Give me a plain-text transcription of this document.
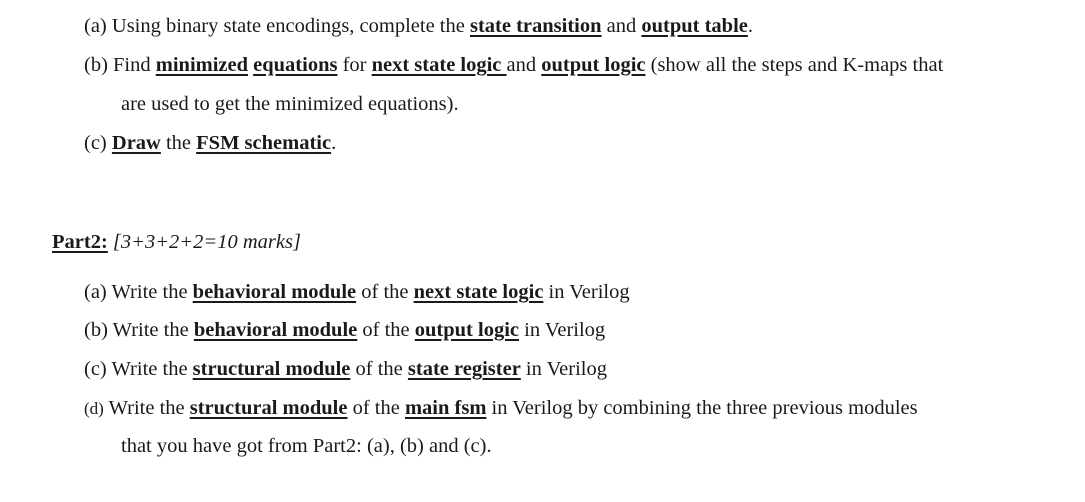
(a) Using binary state encodings, complete the state transition and output table.
(b) Find minimized equations for next state logic and output logic (show all the steps and K-maps that
are used to get the minimized equations).
(c) Draw the FSM schematic.
Part2: [3+3+2+2=10 marks]
(a) Write the behavioral module of the next state logic in Verilog
(b) Write the behavioral module of the output logic in Verilog
(c) Write the structural module of the state register in Verilog
(d) Write the structural module of the main fsm in Verilog by combining the three previous modules
that you have got from Part2: (a), (b) and (c).
